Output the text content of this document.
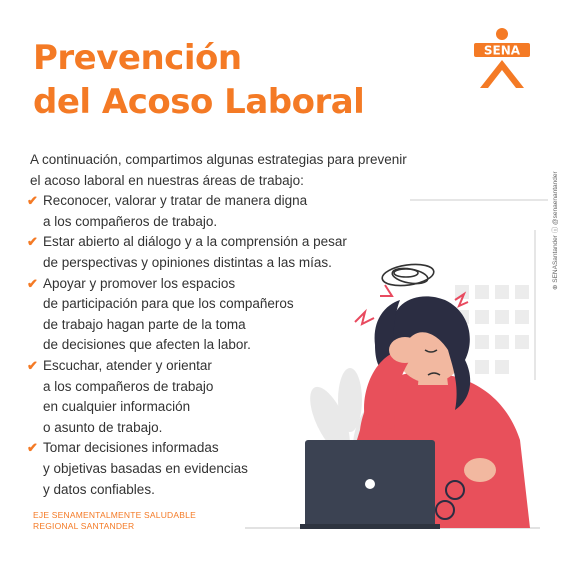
Prevención
del Acoso Laboral
SENA
⊕ SENASantander ⓘ @senaenantander
A continuación, compartimos algunas estrategias para prevenir
el acoso laboral en nuestras áreas de trabajo:
✔ Reconocer, valorar y tratar de manera digna
a los compañeros de trabajo.
✔ Estar abierto al diálogo y a la comprensión a pesar
de perspectivas y opiniones distintas a las mías.
✔ Apoyar y promover los espacios
de participación para que los compañeros
de trabajo hagan parte de la toma
de decisiones que afecten la labor.
✔ Escuchar, atender y orientar
a los compañeros de trabajo
en cualquier información
o asunto de trabajo.
✔ Tomar decisiones informadas
y objetivas basadas en evidencias
y datos confiables.
EJE SENAMENTALMENTE SALUDABLE
REGIONAL SANTANDER
